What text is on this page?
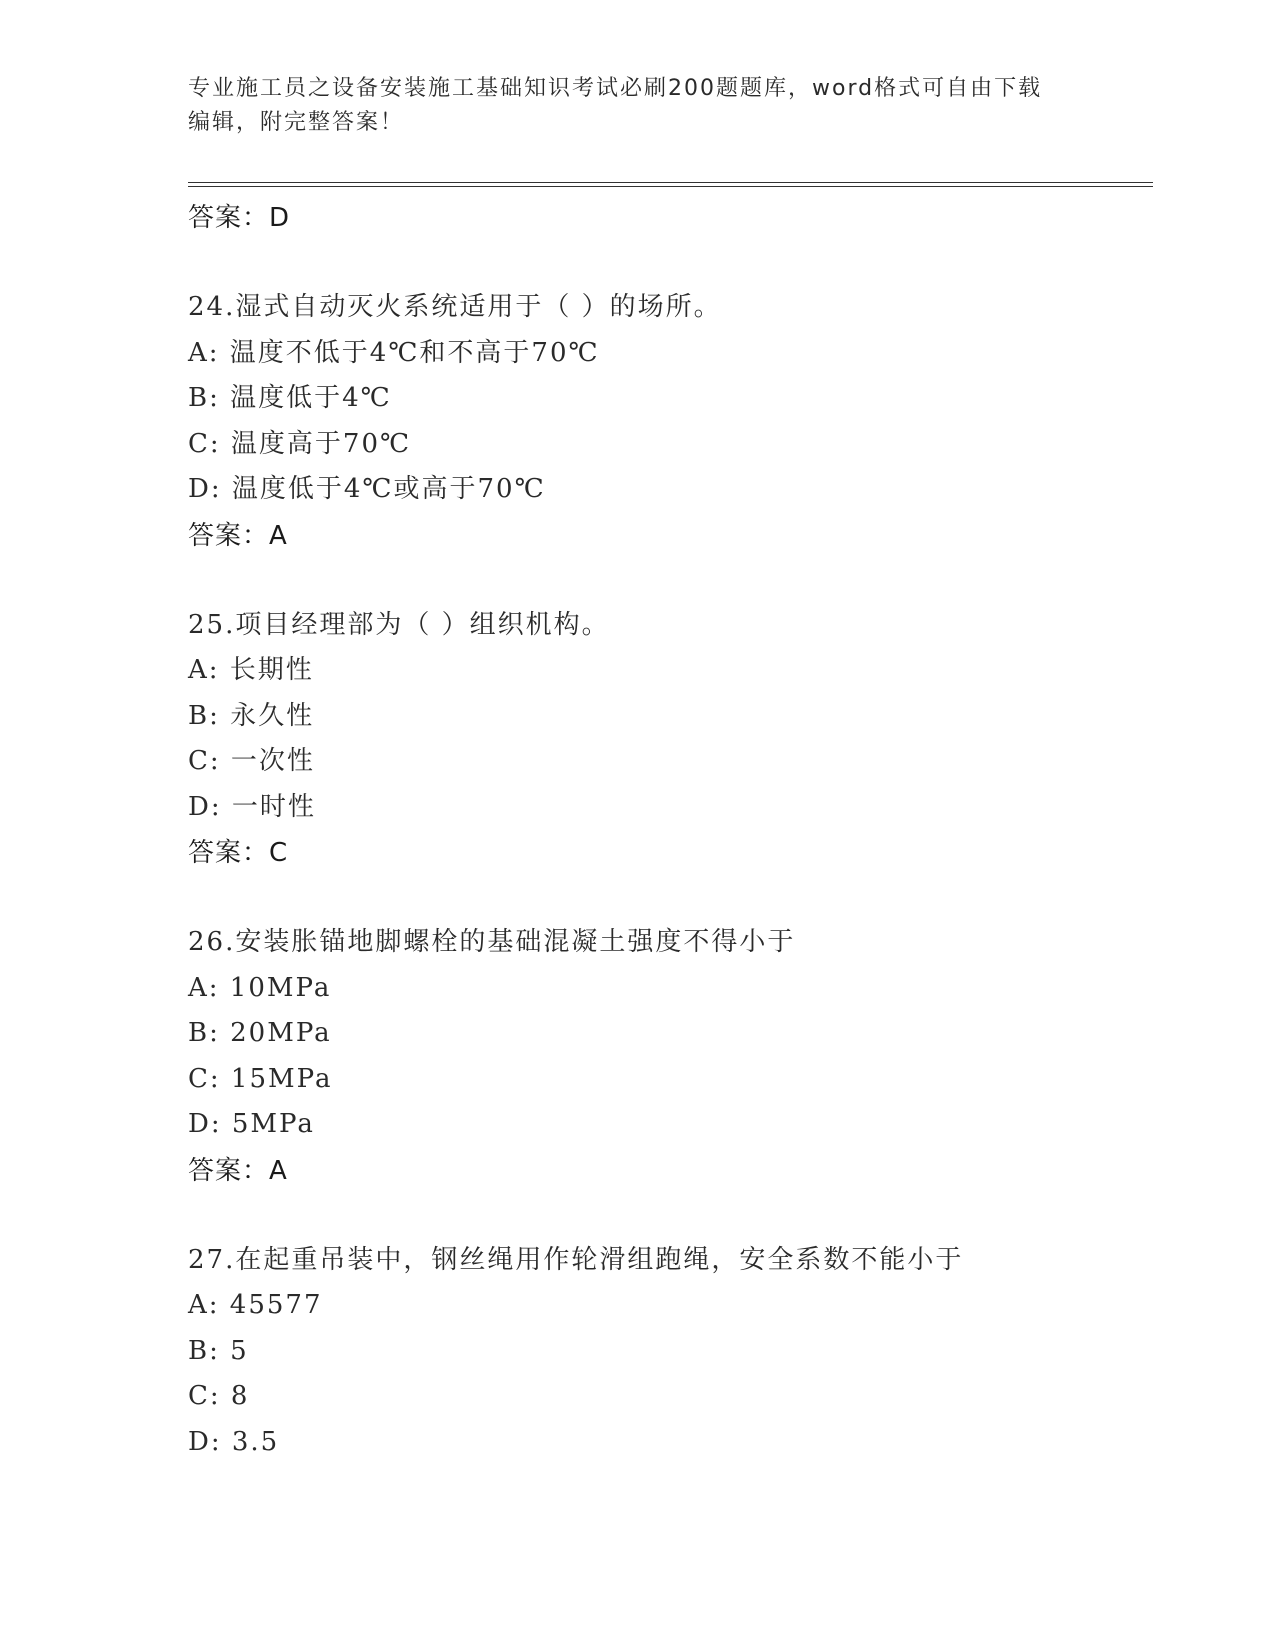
专业施工员之设备安装施工基础知识考试必刷200题题库，word格式可自由下载
编辑，附完整答案！
答案：D
24.湿式自动灭火系统适用于（ ）的场所。
A: 温度不低于4℃和不高于70℃
B: 温度低于4℃
C: 温度高于70℃
D: 温度低于4℃或高于70℃
答案：A
25.项目经理部为（ ）组织机构。
A: 长期性
B: 永久性
C: 一次性
D: 一时性
答案：C
26.安装胀锚地脚螺栓的基础混凝土强度不得小于
A: 10MPa
B: 20MPa
C: 15MPa
D: 5MPa
答案：A
27.在起重吊装中，钢丝绳用作轮滑组跑绳，安全系数不能小于
A: 45577
B: 5
C: 8
D: 3.5
